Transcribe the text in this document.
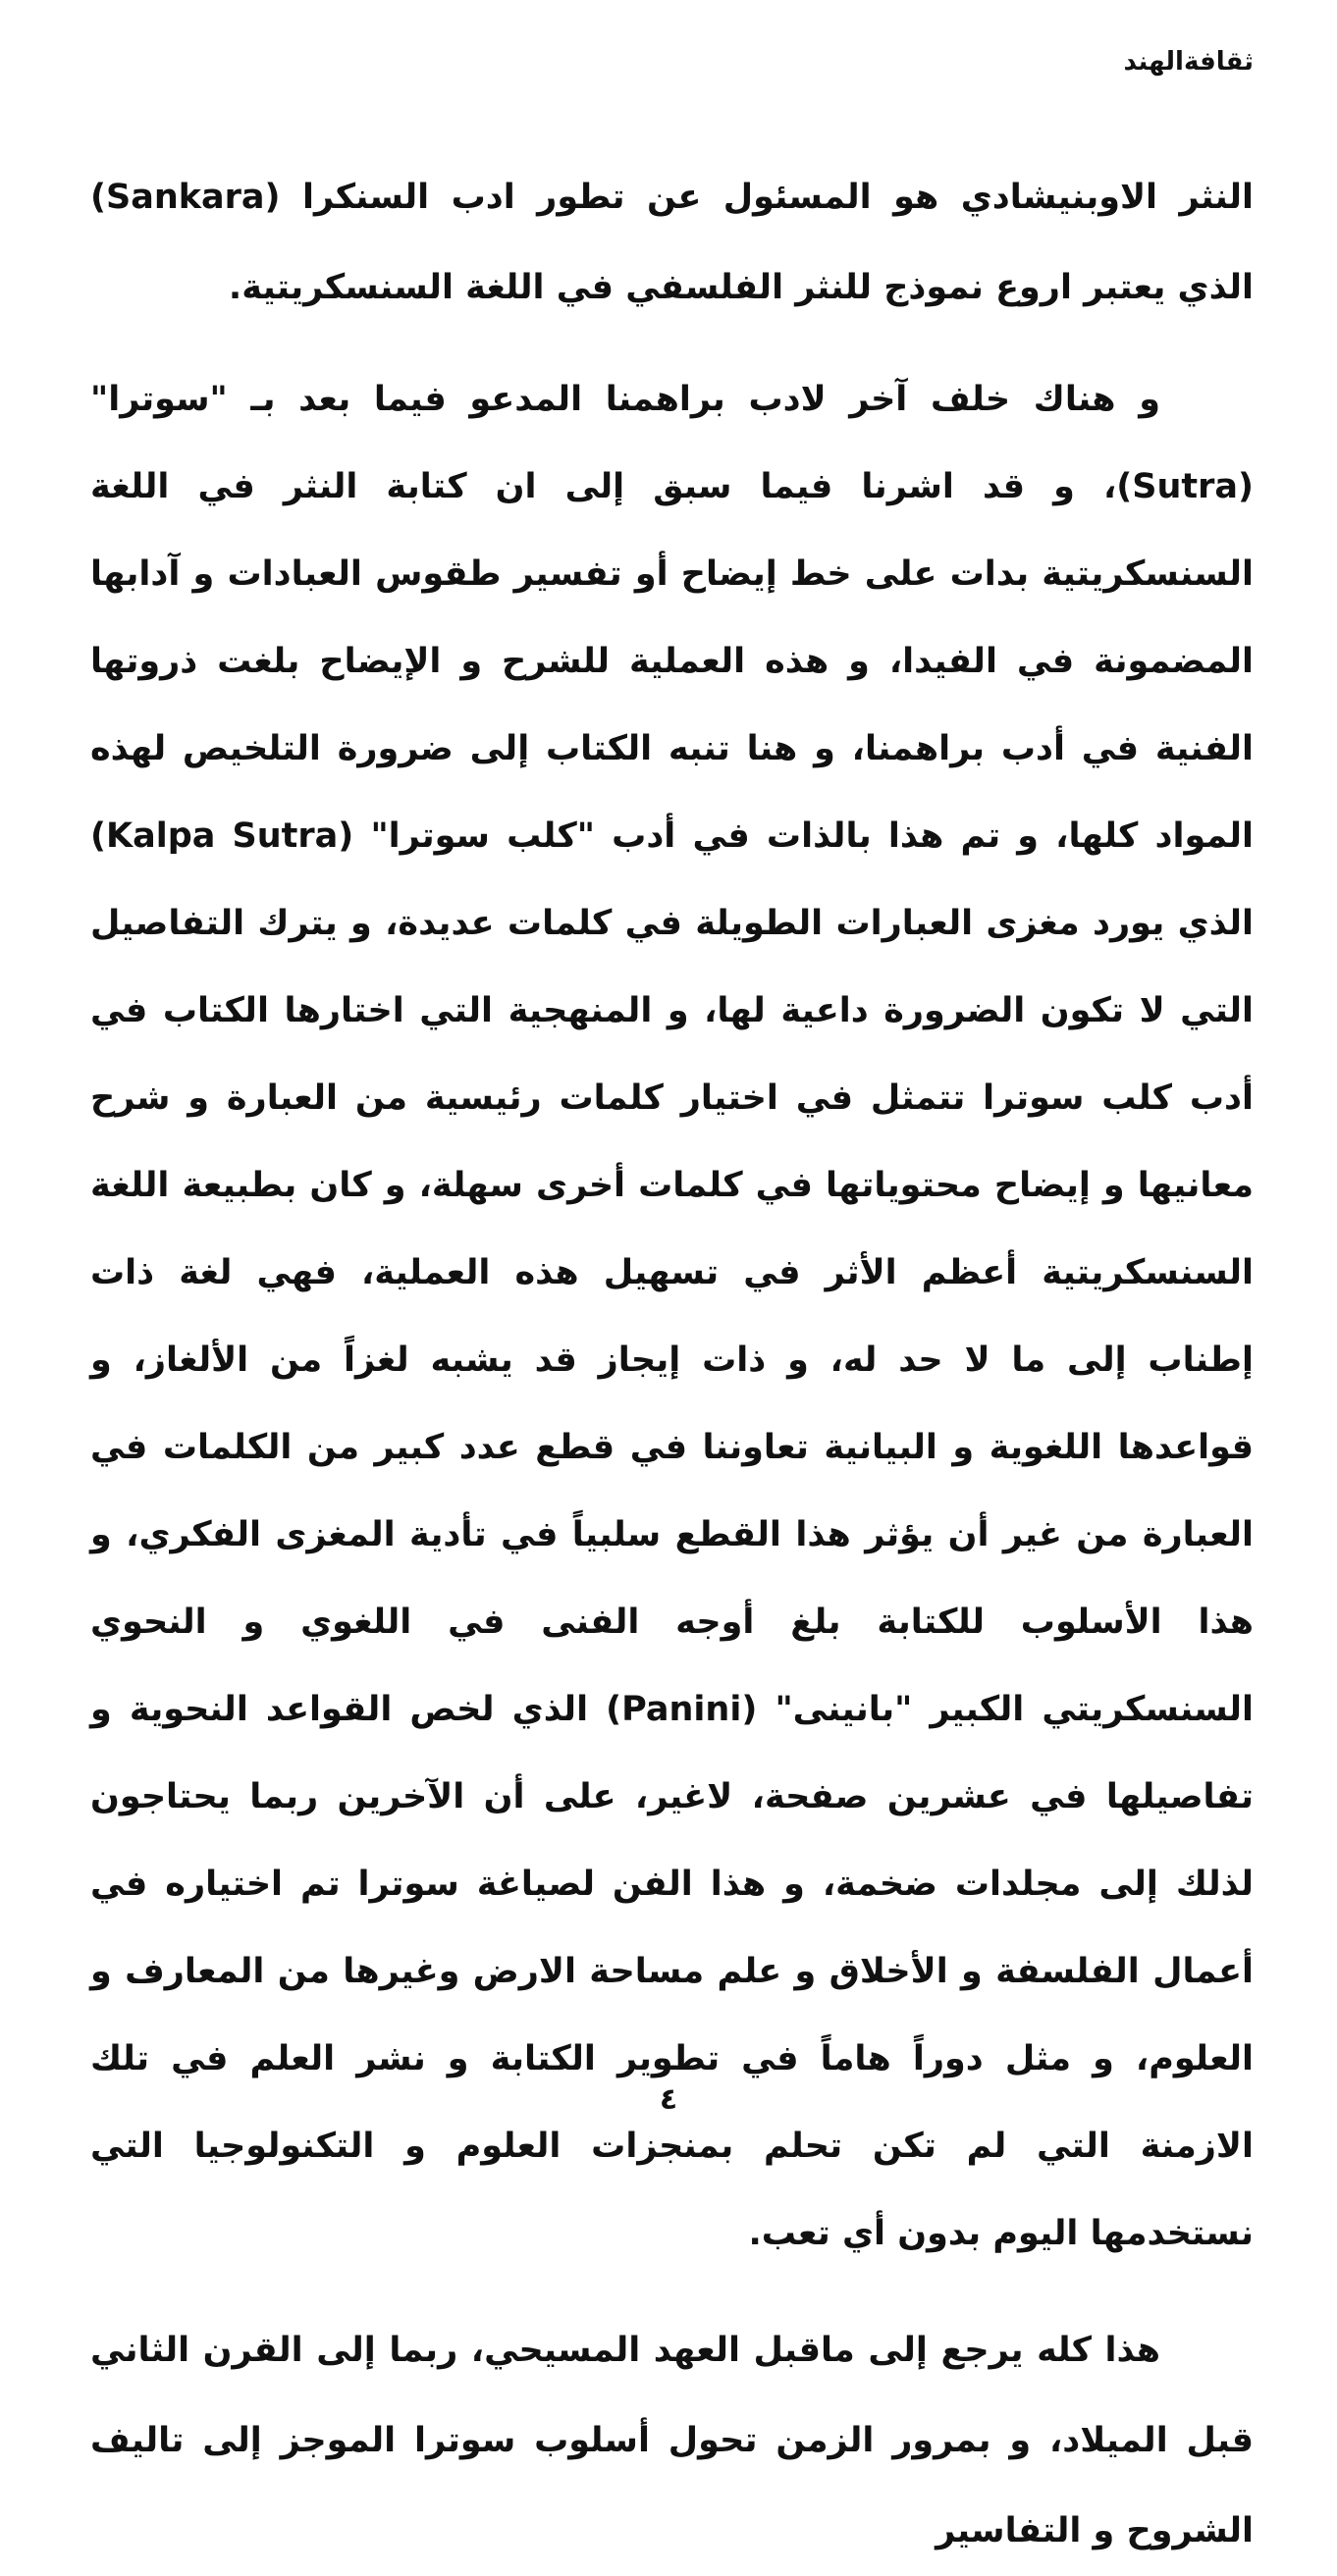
ثقافةالهند

النثر الاوبنيشادي هو المسئول عن تطور ادب السنكرا (Sankara) الذي يعتبر اروع نموذج للنثر الفلسفي في اللغة السنسكريتية.

و هناك خلف آخر لادب براهمنا المدعو فيما بعد بـ "سوترا" (Sutra)، و قد اشرنا فيما سبق إلى ان كتابة النثر في اللغة السنسكريتية بدات على خط إيضاح أو تفسير طقوس العبادات و آدابها المضمونة في الفيدا، و هذه العملية للشرح و الإيضاح بلغت ذروتها الفنية في أدب براهمنا، و هنا تنبه الكتاب إلى ضرورة التلخيص لهذه المواد كلها، و تم هذا بالذات في أدب "كلب سوترا" (Kalpa Sutra) الذي يورد مغزى العبارات الطويلة في كلمات عديدة، و يترك التفاصيل التي لا تكون الضرورة داعية لها، و المنهجية التي اختارها الكتاب في أدب كلب سوترا تتمثل في اختيار كلمات رئيسية من العبارة و شرح معانيها و إيضاح محتوياتها في كلمات أخرى سهلة، و كان بطبيعة اللغة السنسكريتية أعظم الأثر في تسهيل هذه العملية، فهي لغة ذات إطناب إلى ما لا حد له، و ذات إيجاز قد يشبه لغزاً من الألغاز، و قواعدها اللغوية و البيانية تعاوننا في قطع عدد كبير من الكلمات في العبارة من غير أن يؤثر هذا القطع سلبياً في تأدية المغزى الفكري، و هذا الأسلوب للكتابة بلغ أوجه الفنى في اللغوي و النحوي السنسكريتي الكبير "بانينى" (Panini) الذي لخص القواعد النحوية و تفاصيلها في عشرين صفحة، لاغير، على أن الآخرين ربما يحتاجون لذلك إلى مجلدات ضخمة، و هذا الفن لصياغة سوترا تم اختياره في أعمال الفلسفة و الأخلاق و علم مساحة الارض وغيرها من المعارف و العلوم، و مثل دوراً هاماً في تطوير الكتابة و نشر العلم في تلك الازمنة التي لم تكن تحلم بمنجزات العلوم و التكنولوجيا التي نستخدمها اليوم بدون أي تعب.

هذا كله يرجع إلى ماقبل العهد المسيحي، ربما إلى القرن الثاني قبل الميلاد، و بمرور الزمن تحول أسلوب سوترا الموجز إلى تاليف الشروح و التفاسير

٤
